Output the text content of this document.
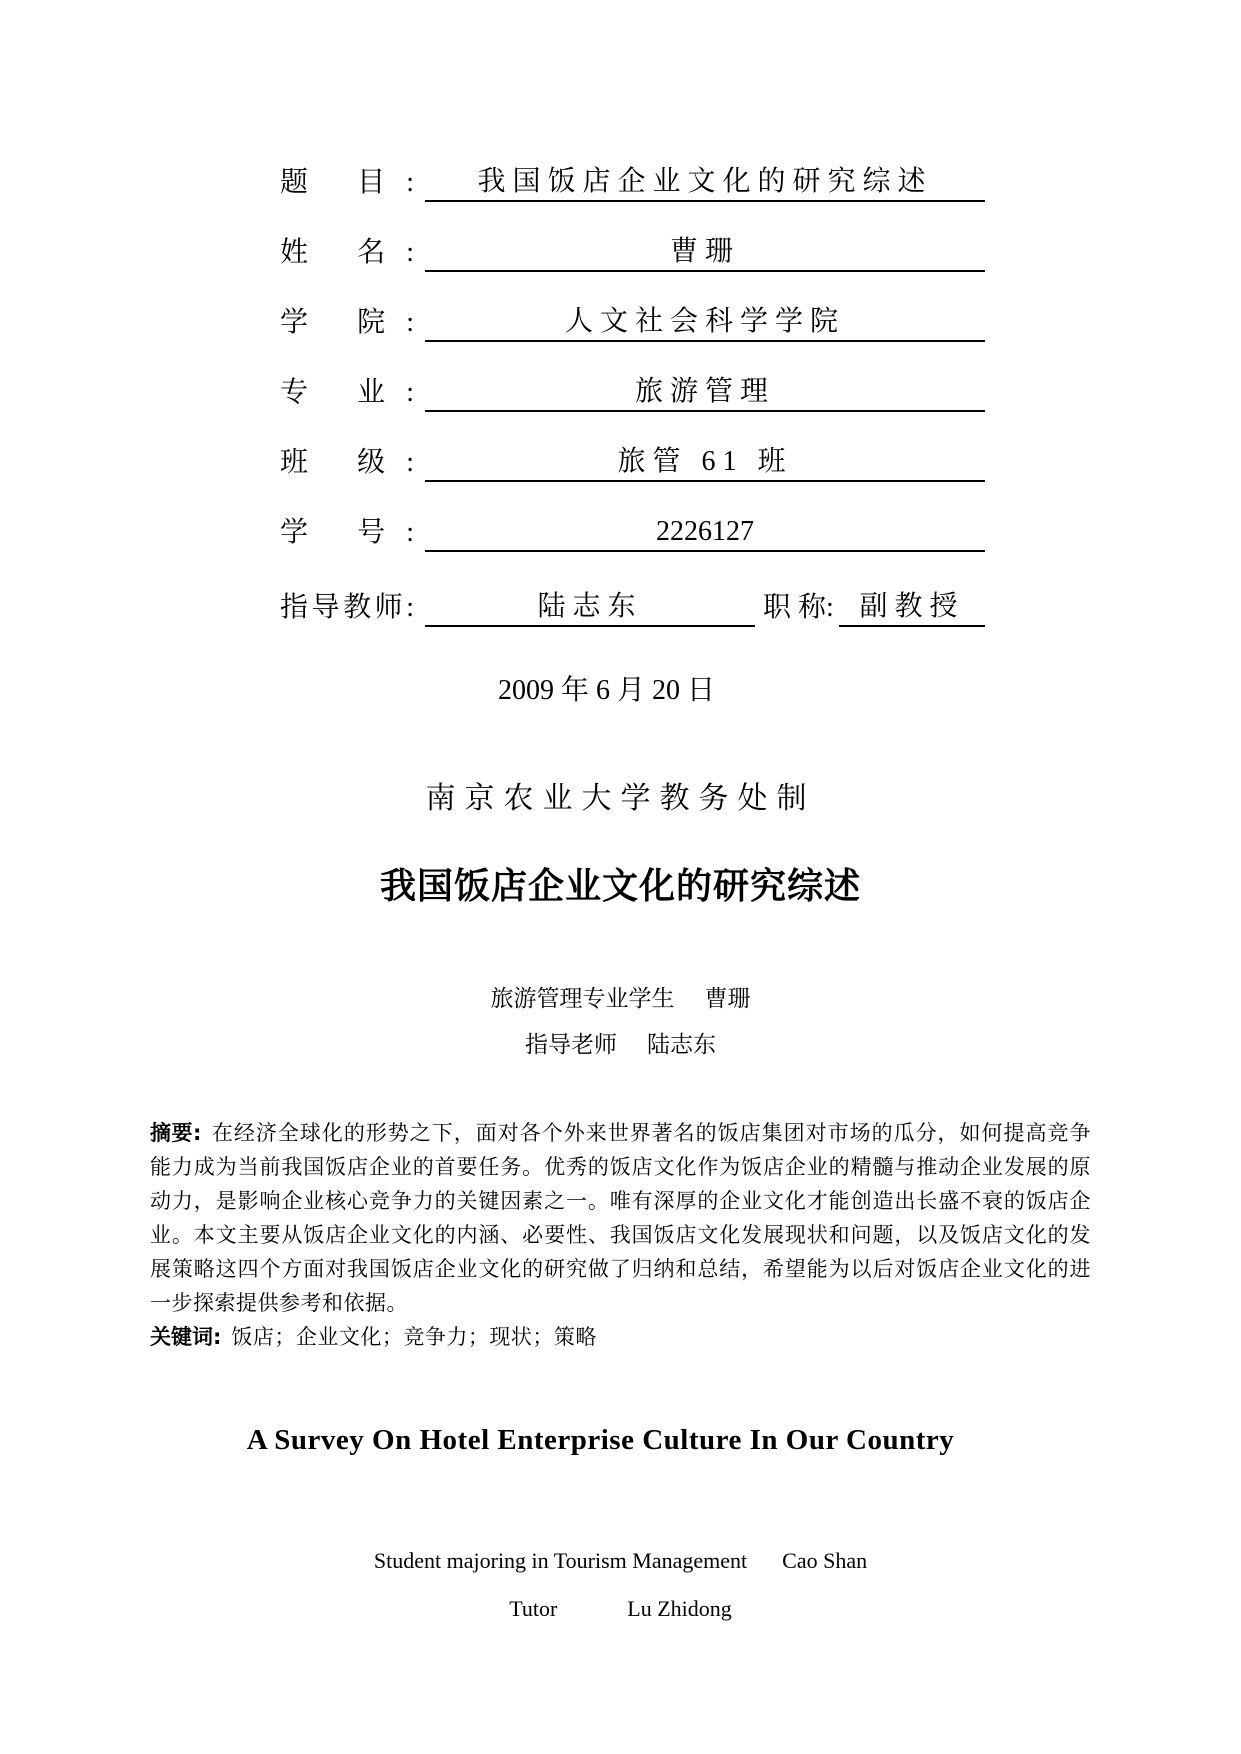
题 目:	我国饭店企业文化的研究综述
姓 名:	曹珊
学 院:	人文社会科学学院
专 业:	旅游管理
班 级:	旅管 61 班
学 号:	2226127
指导教师:	陆志东	职 称: 副教授
2009 年 6 月 20 日
南京农业大学教务处制
我国饭店企业文化的研究综述
旅游管理专业学生 曹珊
指导老师 陆志东

摘要: 在经济全球化的形势之下，面对各个外来世界著名的饭店集团对市场的瓜分，如何提高竞争能力成为当前我国饭店企业的首要任务。优秀的饭店文化作为饭店企业的精髓与推动企业发展的原动力，是影响企业核心竞争力的关键因素之一。唯有深厚的企业文化才能创造出长盛不衰的饭店企业。本文主要从饭店企业文化的内涵、必要性、我国饭店文化发展现状和问题，以及饭店文化的发展策略这四个方面对我国饭店企业文化的研究做了归纳和总结，希望能为以后对饭店企业文化的进一步探索提供参考和依据。

关键词: 饭店；企业文化；竞争力；现状；策略

A Survey On Hotel Enterprise Culture In Our Country
Student majoring in Tourism Management Cao Shan
Tutor	Lu Zhidong
